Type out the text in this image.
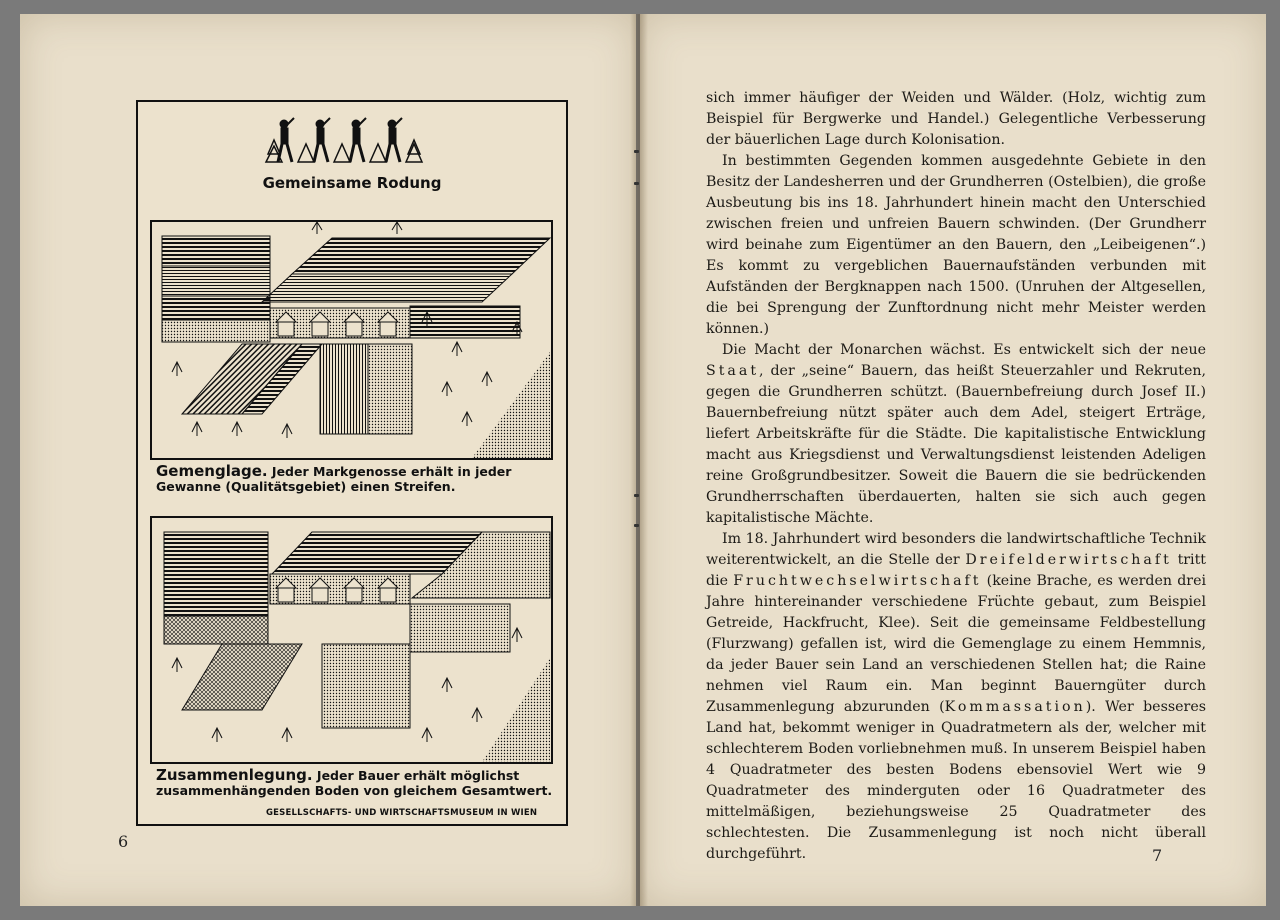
Gemeinsame Rodung
Gemenglage. Jeder Markgenosse erhält in jeder
Gewanne (Qualitätsgebiet) einen Streifen.
Zusammenlegung. Jeder Bauer erhält möglichst
zusammenhängenden Boden von gleichem Gesamtwert.
GESELLSCHAFTS- UND WIRTSCHAFTSMUSEUM IN WIEN
6

sich immer häufiger der Weiden und Wälder. (Holz, wichtig zum Beispiel für Bergwerke und Handel.) Gelegentliche Verbesserung der bäuerlichen Lage durch Kolonisation.

In bestimmten Gegenden kommen ausgedehnte Gebiete in den Besitz der Landesherren und der Grundherren (Ostelbien), die große Ausbeutung bis ins 18. Jahrhundert hinein macht den Unterschied zwischen freien und unfreien Bauern schwinden. (Der Grundherr wird beinahe zum Eigentümer an den Bauern, den „Leibeigenen“.) Es kommt zu vergeblichen Bauernaufständen verbunden mit Aufständen der Bergknappen nach 1500. (Unruhen der Altgesellen, die bei Sprengung der Zunftordnung nicht mehr Meister werden können.)

Die Macht der Monarchen wächst. Es entwickelt sich der neue Staat, der „seine“ Bauern, das heißt Steuerzahler und Rekruten, gegen die Grundherren schützt. (Bauernbefreiung durch Josef II.) Bauernbefreiung nützt später auch dem Adel, steigert Erträge, liefert Arbeitskräfte für die Städte. Die kapitalistische Entwicklung macht aus Kriegsdienst und Verwaltungsdienst leistenden Adeligen reine Großgrundbesitzer. Soweit die Bauern die sie bedrückenden Grundherrschaften überdauerten, halten sie sich auch gegen kapitalistische Mächte.

Im 18. Jahrhundert wird besonders die landwirtschaftliche Technik weiterentwickelt, an die Stelle der Dreifelderwirtschaft tritt die Fruchtwechselwirtschaft (keine Brache, es werden drei Jahre hintereinander verschiedene Früchte gebaut, zum Beispiel Getreide, Hackfrucht, Klee). Seit die gemeinsame Feldbestellung (Flurzwang) gefallen ist, wird die Gemenglage zu einem Hemmnis, da jeder Bauer sein Land an verschiedenen Stellen hat; die Raine nehmen viel Raum ein. Man beginnt Bauerngüter durch Zusammenlegung abzurunden (Kommassation). Wer besseres Land hat, bekommt weniger in Quadratmetern als der, welcher mit schlechterem Boden vorliebnehmen muß. In unserem Beispiel haben 4 Quadratmeter des besten Bodens ebensoviel Wert wie 9 Quadratmeter des minderguten oder 16 Quadratmeter des mittelmäßigen, beziehungsweise 25 Quadratmeter des schlechtesten. Die Zusammenlegung ist noch nicht überall durchgeführt.	7
